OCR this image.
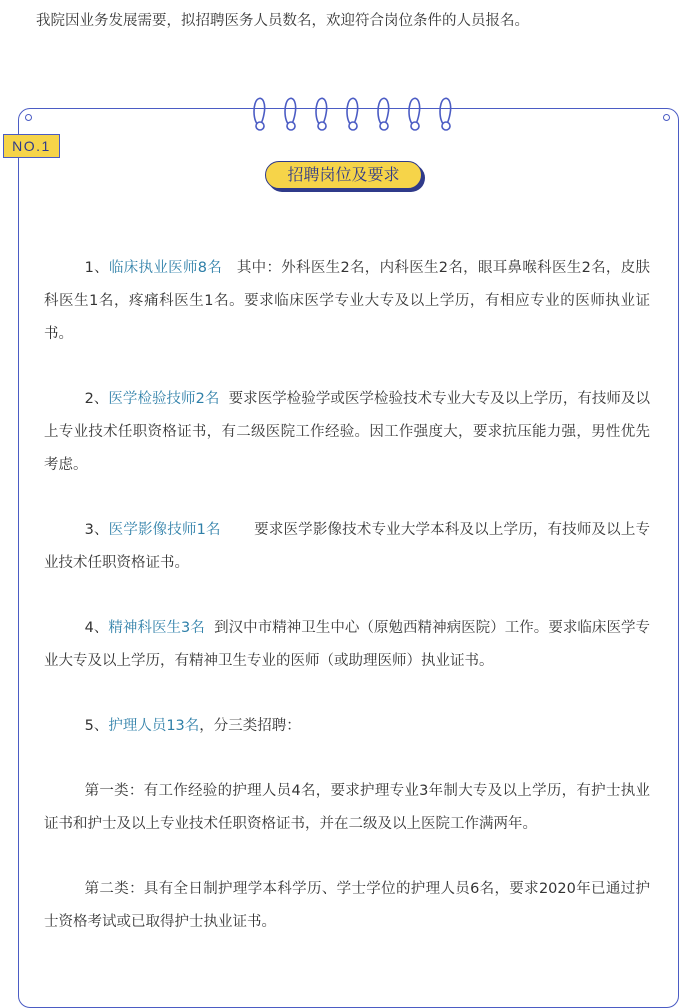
我院因业务发展需要，拟招聘医务人员数名，欢迎符合岗位条件的人员报名。

NO.1
招聘岗位及要求

1、临床执业医师8名 其中：外科医生2名，内科医生2名，眼耳鼻喉科医生2名，皮肤科医生1名，疼痛科医生1名。要求临床医学专业大专及以上学历，有相应专业的医师执业证书。

2、医学检验技师2名 要求医学检验学或医学检验技术专业大专及以上学历，有技师及以上专业技术任职资格证书，有二级医院工作经验。因工作强度大，要求抗压能力强，男性优先考虑。

3、医学影像技师1名 要求医学影像技术专业大学本科及以上学历，有技师及以上专业技术任职资格证书。

4、精神科医生3名 到汉中市精神卫生中心（原勉西精神病医院）工作。要求临床医学专业大专及以上学历，有精神卫生专业的医师（或助理医师）执业证书。

5、护理人员13名，分三类招聘：

第一类：有工作经验的护理人员4名，要求护理专业3年制大专及以上学历，有护士执业证书和护士及以上专业技术任职资格证书，并在二级及以上医院工作满两年。

第二类：具有全日制护理学本科学历、学士学位的护理人员6名，要求2020年已通过护士资格考试或已取得护士执业证书。
